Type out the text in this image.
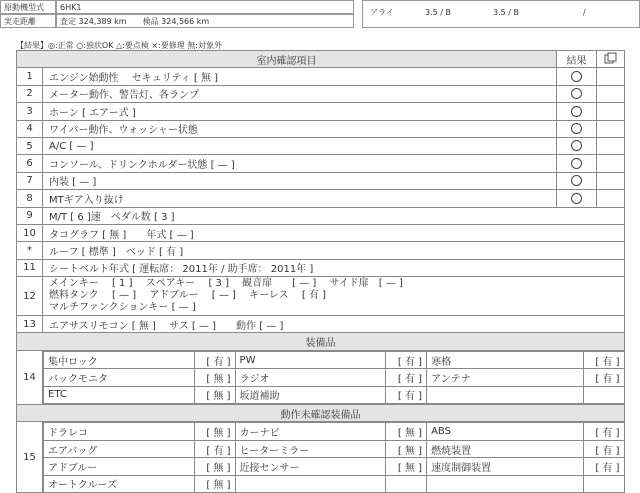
原動機型式	6HK1
実走距離	査定 324,389 km　　検品 324,566 km
アライ	3.5 / B	3.5 / B	/
【結果】◎:正常 ○:独状OK △:要点検 ×:要修理 無:対象外
室内確認項目	結果	
1	エンジン始動性　 セキュリティ [ 無 ]		
2	メーター動作、警告灯、各ランプ		
3	ホーン [ エアー式 ]		
4	ワイパー動作、ウォッシャー状態		
5	A/C [ — ]		
6	コンソール、ドリンクホルダー状態 [ — ]		
7	内装 [ — ]		
8	MTギア入り抜け		
9	M/T [ 6 ]速　ペダル数 [ 3 ]
10	タコグラフ [ 無 ]　　年式 [ — ]
*	ルーフ [ 標準 ]　ベッド [ 有 ]
11	シートベルト年式 [ 運転席： 2011年 / 助手席： 2011年 ]
12	
メインキー　 [ 1 ]　 スペアキー　 [ 3 ]　 観音扉　　[ — ]　 サイド扉　[ — ]
燃料タンク　 [ — ]　 アドブルー　 [ — ]　 キーレス　 [ 有 ]
マルチファンクションキー [ — ]

13	エアサスリモコン [ 無 ]　 サス [ — ]　　動作 [ — ]
装備品
14	
集中ロック	[ 有 ]	PW	[ 有 ]	寒格	[ 有 ]
バックモニタ	[ 無 ]	ラジオ	[ 有 ]	アンテナ	[ 有 ]
ETC	[ 無 ]	坂道補助	[ 有 ]		

動作未確認装備品
15	
ドラレコ	[ 無 ]	カーナビ	[ 無 ]	ABS	[ 有 ]
エアバッグ	[ 有 ]	ヒーターミラー	[ 無 ]	燃焼装置	[ 有 ]
アドブルー	[ 無 ]	近接センサー	[ 無 ]	速度制御装置	[ 有 ]
オートクルーズ	[ 無 ]				
